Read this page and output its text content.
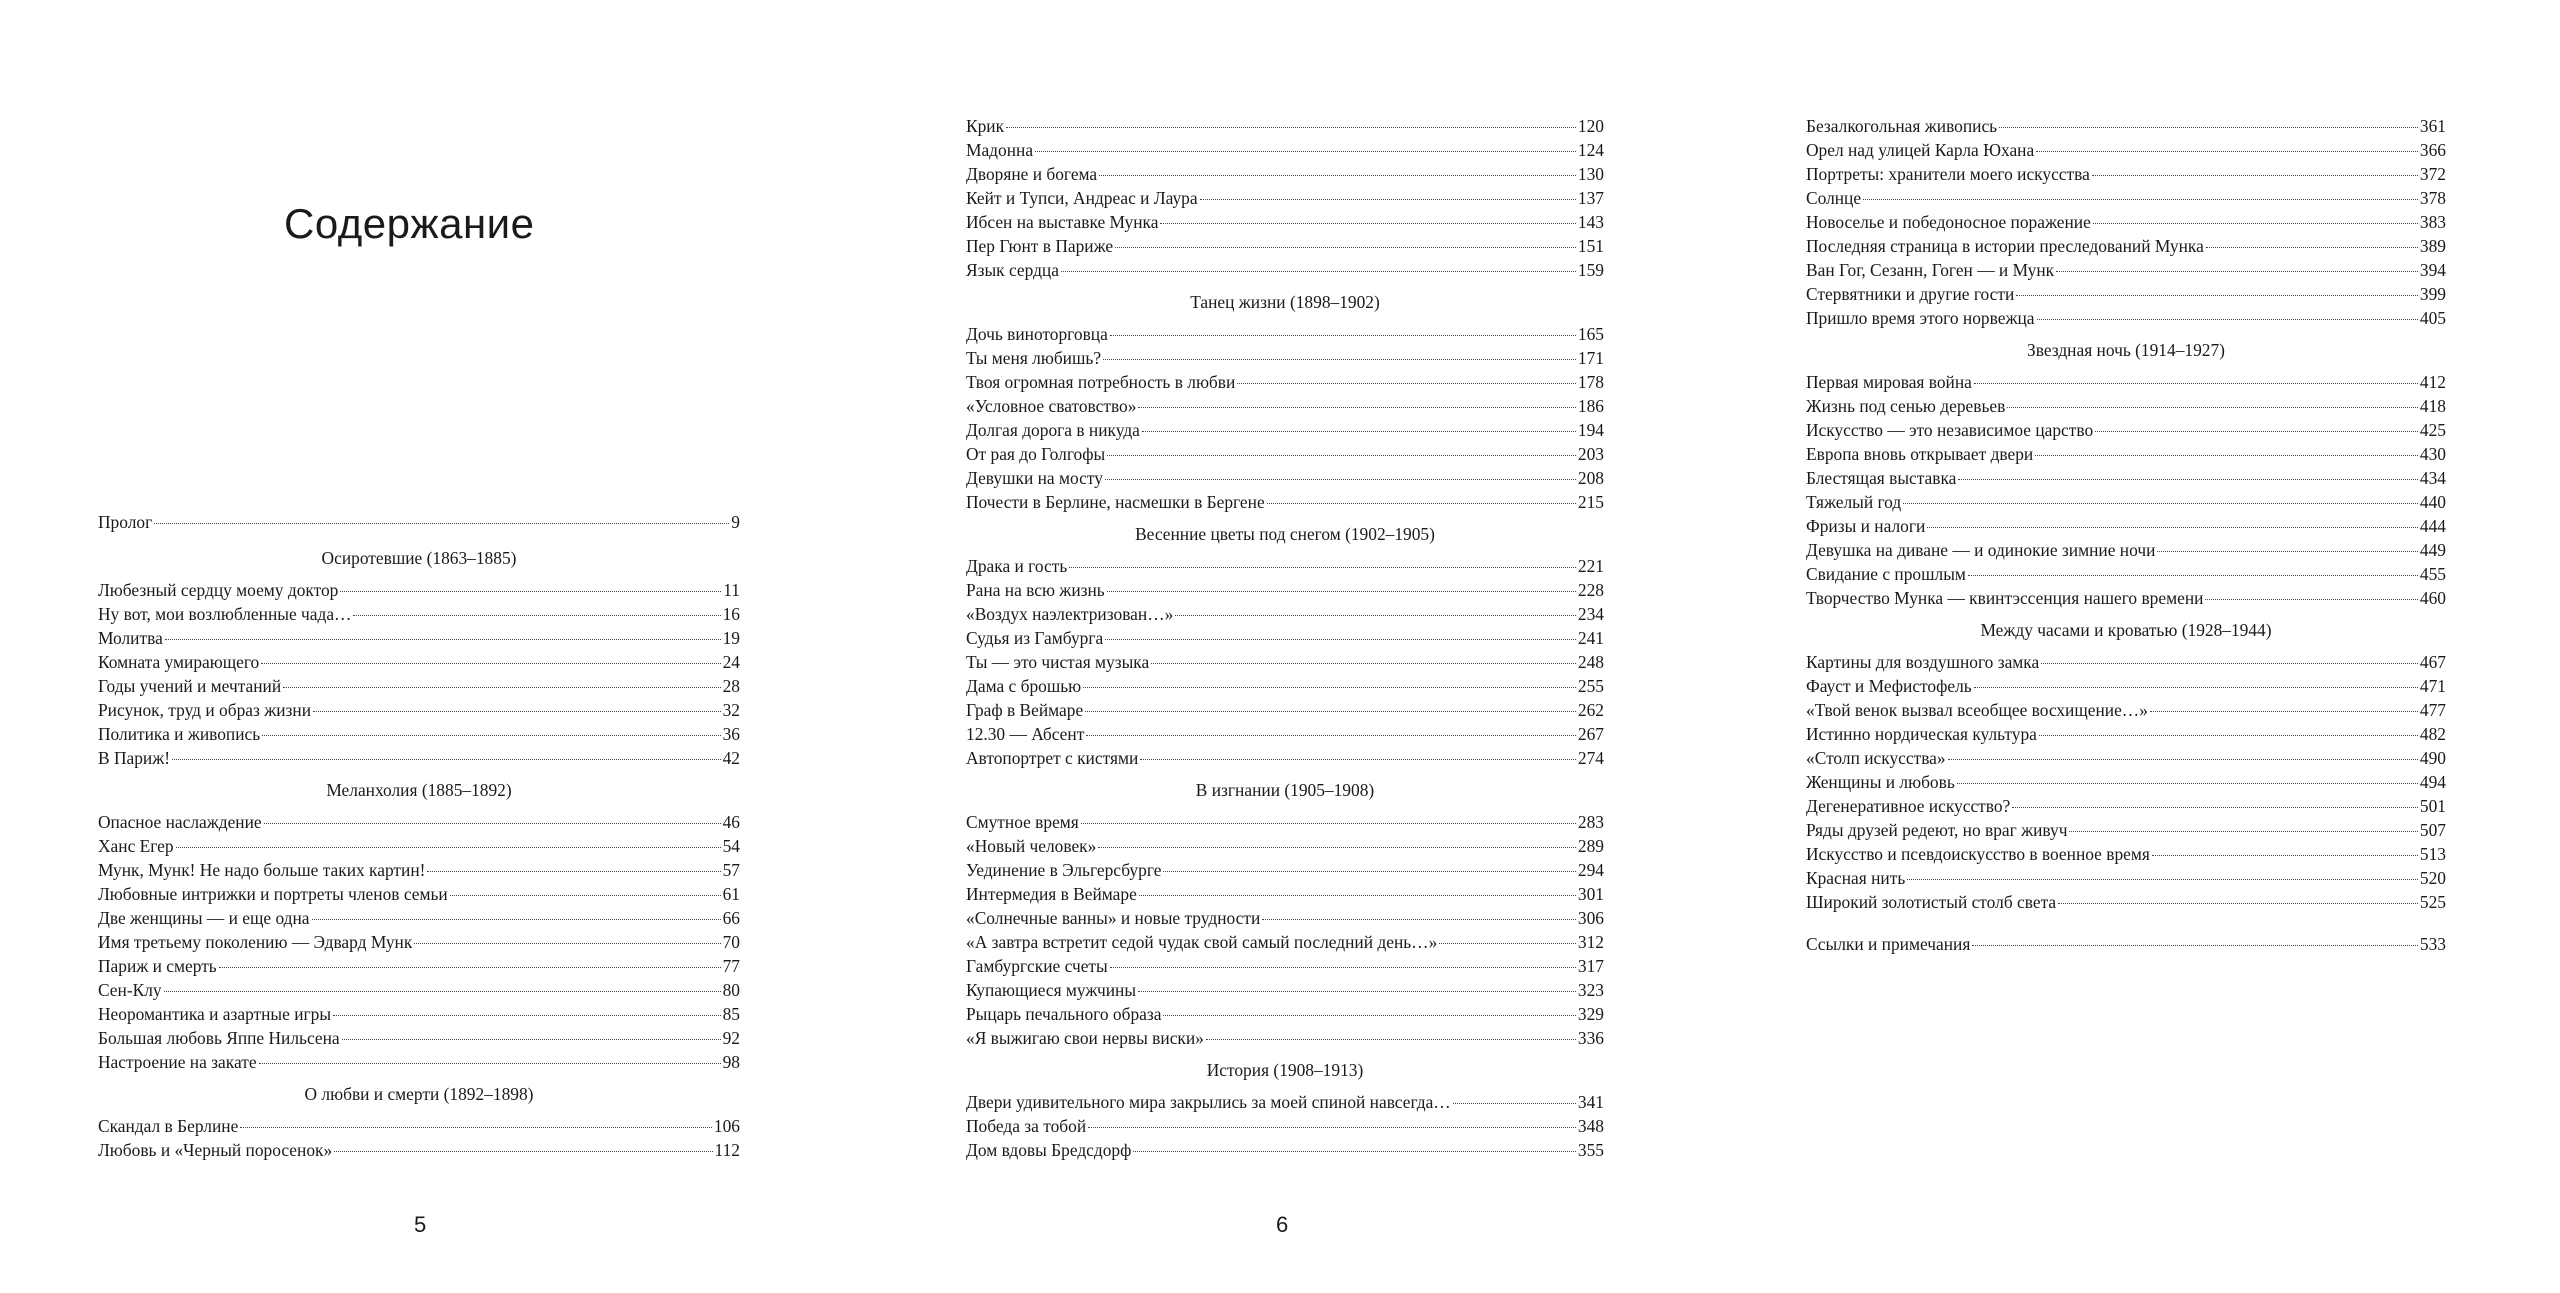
Содержание
Пролог	9
Осиротевшие (1863–1885)
Любезный сердцу моему доктор	11
Ну вот, мои возлюбленные чада…	16
Молитва	19
Комната умирающего	24
Годы учений и мечтаний	28
Рисунок, труд и образ жизни	32
Политика и живопись	36
В Париж!	42
Меланхолия (1885–1892)
Опасное наслаждение	46
Ханс Егер	54
Мунк, Мунк! Не надо больше таких картин!	57
Любовные интрижки и портреты членов семьи	61
Две женщины — и еще одна	66
Имя третьему поколению — Эдвард Мунк	70
Париж и смерть	77
Сен-Клу	80
Неоромантика и азартные игры	85
Большая любовь Яппе Нильсена	92
Настроение на закате	98
О любви и смерти (1892–1898)
Скандал в Берлине	106
Любовь и «Черный поросенок»	112
Крик	120
Мадонна	124
Дворяне и богема	130
Кейт и Тупси, Андреас и Лаура	137
Ибсен на выставке Мунка	143
Пер Гюнт в Париже	151
Язык сердца	159
Танец жизни (1898–1902)
Дочь виноторговца	165
Ты меня любишь?	171
Твоя огромная потребность в любви	178
«Условное сватовство»	186
Долгая дорога в никуда	194
От рая до Голгофы	203
Девушки на мосту	208
Почести в Берлине, насмешки в Бергене	215
Весенние цветы под снегом (1902–1905)
Драка и гость	221
Рана на всю жизнь	228
«Воздух наэлектризован…»	234
Судья из Гамбурга	241
Ты — это чистая музыка	248
Дама с брошью	255
Граф в Веймаре	262
12.30 — Абсент	267
Автопортрет с кистями	274
В изгнании (1905–1908)
Смутное время	283
«Новый человек»	289
Уединение в Эльгерсбурге	294
Интермедия в Веймаре	301
«Солнечные ванны» и новые трудности	306
«А завтра встретит седой чудак свой самый последний день…»	312
Гамбургские счеты	317
Купающиеся мужчины	323
Рыцарь печального образа	329
«Я выжигаю свои нервы виски»	336
История (1908–1913)
Двери удивительного мира закрылись за моей спиной навсегда…	341
Победа за тобой	348
Дом вдовы Бредсдорф	355
Безалкогольная живопись	361
Орел над улицей Карла Юхана	366
Портреты: хранители моего искусства	372
Солнце	378
Новоселье и победоносное поражение	383
Последняя страница в истории преследований Мунка	389
Ван Гог, Сезанн, Гоген — и Мунк	394
Стервятники и другие гости	399
Пришло время этого норвежца	405
Звездная ночь (1914–1927)
Первая мировая война	412
Жизнь под сенью деревьев	418
Искусство — это независимое царство	425
Европа вновь открывает двери	430
Блестящая выставка	434
Тяжелый год	440
Фризы и налоги	444
Девушка на диване — и одинокие зимние ночи	449
Свидание с прошлым	455
Творчество Мунка — квинтэссенция нашего времени	460
Между часами и кроватью (1928–1944)
Картины для воздушного замка	467
Фауст и Мефистофель	471
«Твой венок вызвал всеобщее восхищение…»	477
Истинно нордическая культура	482
«Столп искусства»	490
Женщины и любовь	494
Дегенеративное искусство?	501
Ряды друзей редеют, но враг живуч	507
Искусство и псевдоискусство в военное время	513
Красная нить	520
Широкий золотистый столб света	525
Ссылки и примечания	533
5	6
